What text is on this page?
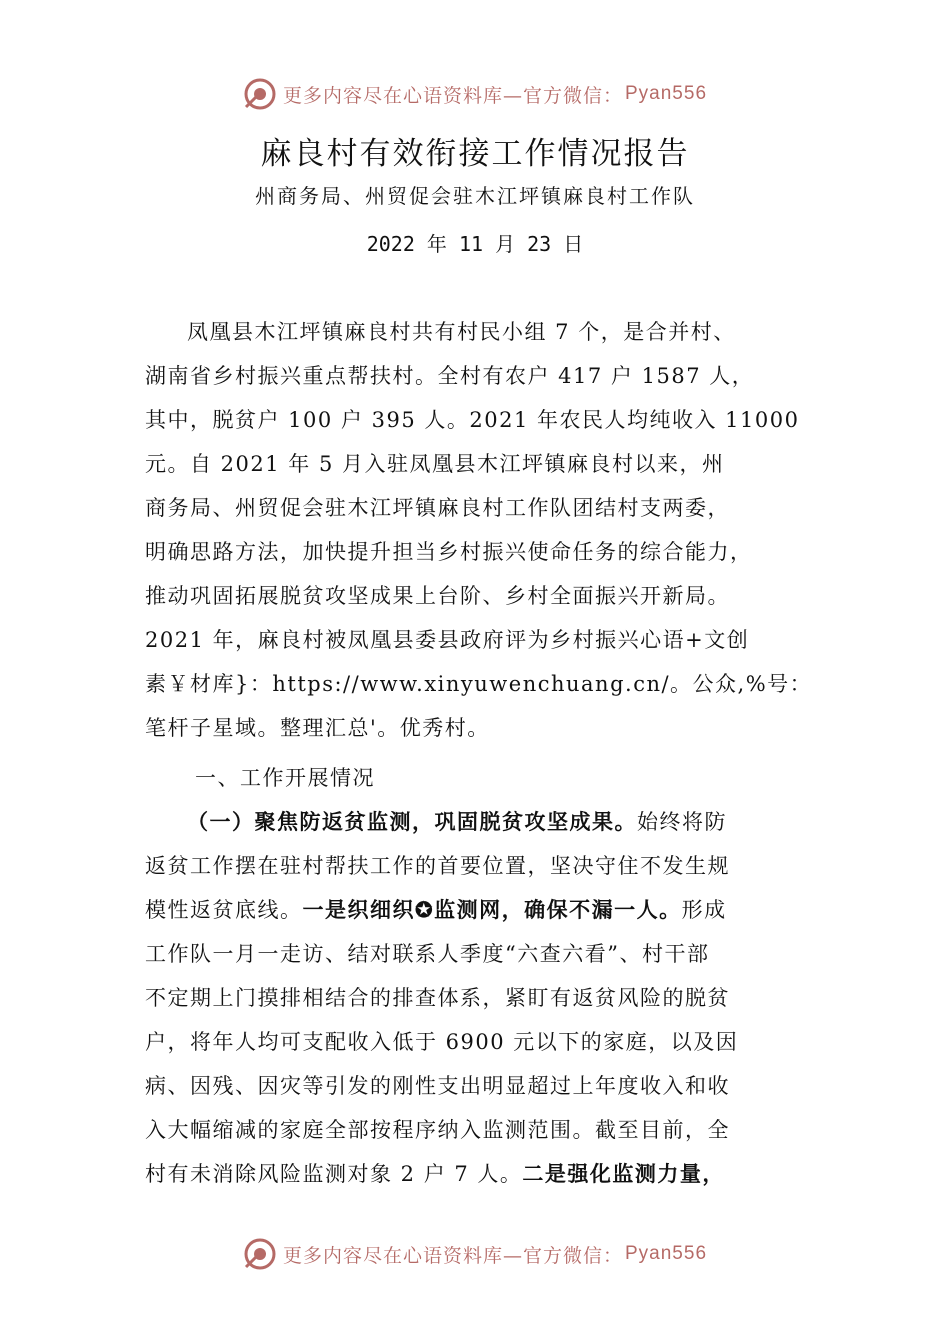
更多内容尽在心语资料库—官方微信： Pyan556
麻良村有效衔接工作情况报告
州商务局、州贸促会驻木江坪镇麻良村工作队
2022 年 11 月 23 日
凤凰县木江坪镇麻良村共有村民小组 7 个，是合并村、
湖南省乡村振兴重点帮扶村。全村有农户 417 户 1587 人，
其中，脱贫户 100 户 395 人。2021 年农民人均纯收入 11000
元。自 2021 年 5 月入驻凤凰县木江坪镇麻良村以来，州
商务局、州贸促会驻木江坪镇麻良村工作队团结村支两委，
明确思路方法，加快提升担当乡村振兴使命任务的综合能力，
推动巩固拓展脱贫攻坚成果上台阶、乡村全面振兴开新局。
2021 年，麻良村被凤凰县委县政府评为乡村振兴心语+文创
素￥材库}：https://www.xinyuwenchuang.cn/。公众,%号：
笔杆子星域。整理汇总'。优秀村。
一、工作开展情况
（一）聚焦防返贫监测，巩固脱贫攻坚成果。始终将防
返贫工作摆在驻村帮扶工作的首要位置，坚决守住不发生规
模性返贫底线。一是织细织✪监测网，确保不漏一人。形成
工作队一月一走访、结对联系人季度“六查六看”、村干部
不定期上门摸排相结合的排查体系，紧盯有返贫风险的脱贫
户，将年人均可支配收入低于 6900 元以下的家庭，以及因
病、因残、因灾等引发的刚性支出明显超过上年度收入和收
入大幅缩减的家庭全部按程序纳入监测范围。截至目前，全
村有未消除风险监测对象 2 户 7 人。二是强化监测力量，
更多内容尽在心语资料库—官方微信： Pyan556
